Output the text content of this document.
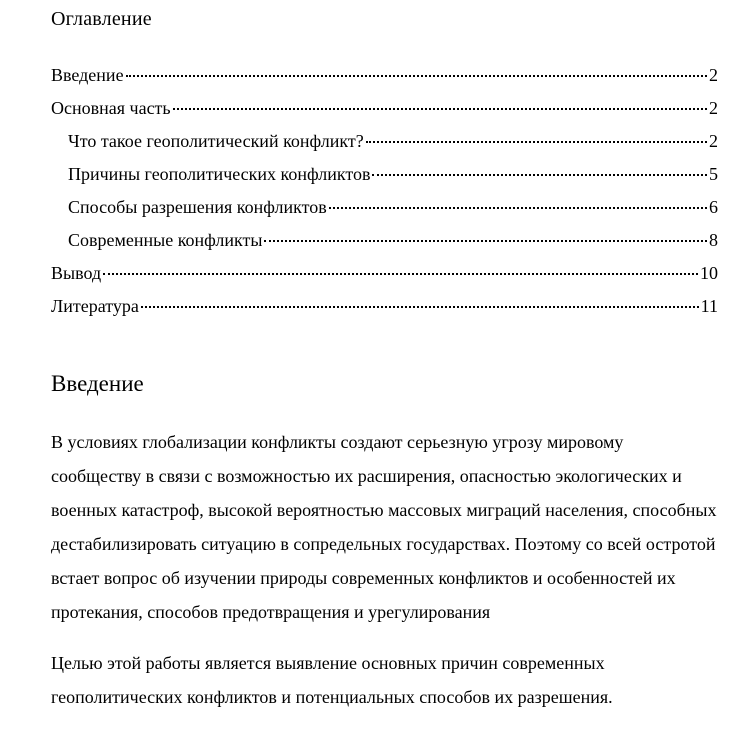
Оглавление
Введение	2
Основная часть	2
Что такое геополитический конфликт?	2
Причины геополитических конфликтов	5
Способы разрешения конфликтов	6
Современные конфликты	8
Вывод	10
Литература	11
Введение

В условиях глобализации конфликты создают серьезную угрозу мировому сообществу в связи с возможностью их расширения, опасностью экологических и военных катастроф, высокой вероятностью массовых миграций населения, способных дестабилизировать ситуацию в сопредельных государствах. Поэтому со всей остротой встает вопрос об изучении природы современных конфликтов и особенностей их протекания, способов предотвращения и урегулирования

Целью этой работы является выявление основных причин современных геополитических конфликтов и потенциальных способов их разрешения.
